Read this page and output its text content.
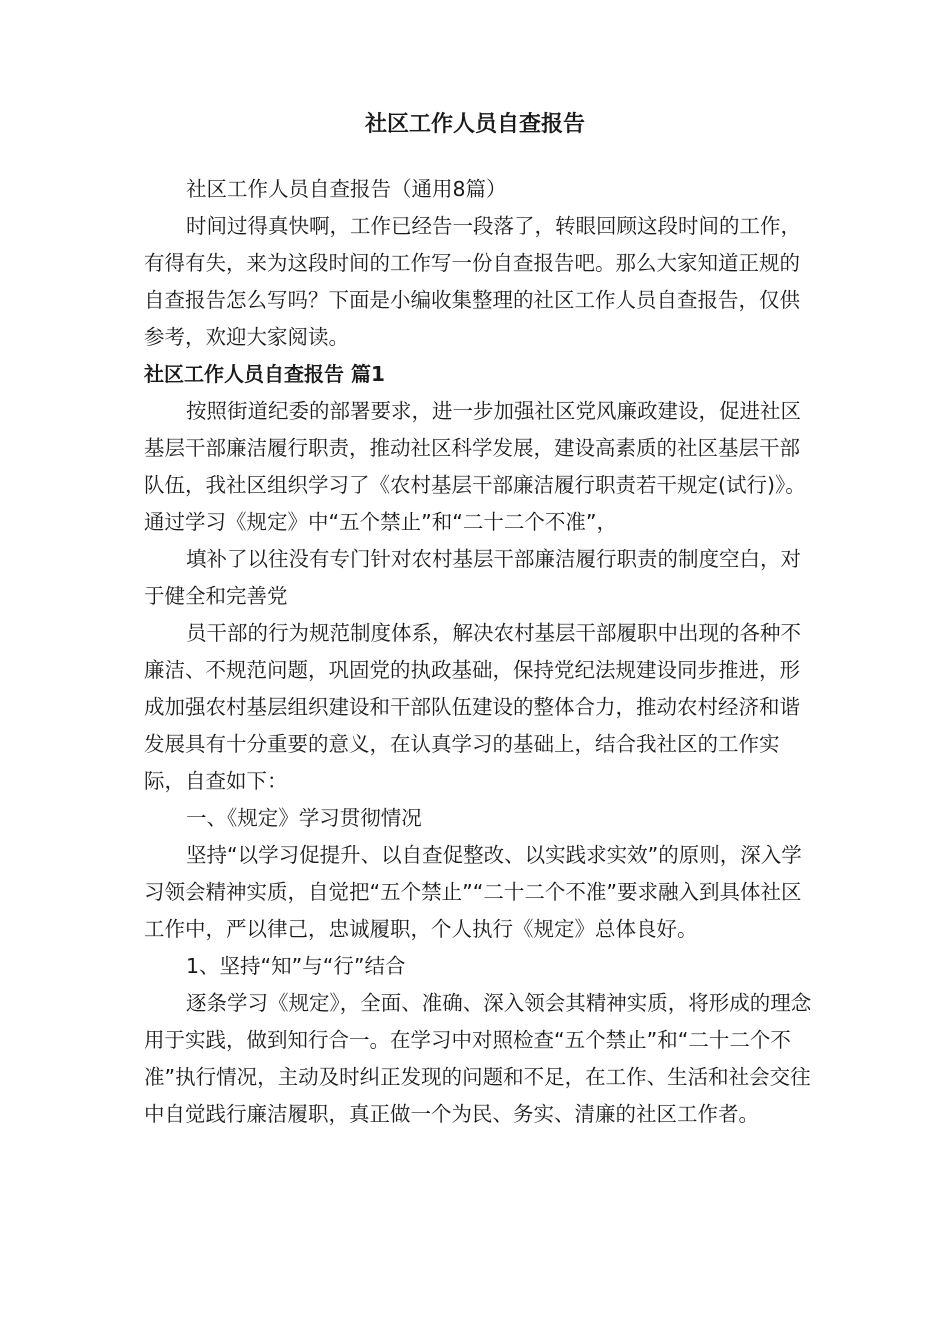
社区工作人员自查报告

社区工作人员自查报告（通用8篇）

时间过得真快啊，工作已经告一段落了，转眼回顾这段时间的工作，有得有失，来为这段时间的工作写一份自查报告吧。那么大家知道正规的自查报告怎么写吗？下面是小编收集整理的社区工作人员自查报告，仅供参考，欢迎大家阅读。

社区工作人员自查报告 篇1

按照街道纪委的部署要求，进一步加强社区党风廉政建设，促进社区基层干部廉洁履行职责，推动社区科学发展，建设高素质的社区基层干部队伍，我社区组织学习了《农村基层干部廉洁履行职责若干规定(试行)》。通过学习《规定》中“五个禁止”和“二十二个不准”，

填补了以往没有专门针对农村基层干部廉洁履行职责的制度空白，对于健全和完善党

员干部的行为规范制度体系，解决农村基层干部履职中出现的各种不廉洁、不规范问题，巩固党的执政基础，保持党纪法规建设同步推进，形成加强农村基层组织建设和干部队伍建设的整体合力，推动农村经济和谐发展具有十分重要的意义，在认真学习的基础上，结合我社区的工作实际，自查如下：

一、《规定》学习贯彻情况

坚持“以学习促提升、以自查促整改、以实践求实效”的原则，深入学习领会精神实质，自觉把“五个禁止”“二十二个不准”要求融入到具体社区工作中，严以律己，忠诚履职，个人执行《规定》总体良好。

1、坚持“知”与“行”结合

逐条学习《规定》，全面、准确、深入领会其精神实质，将形成的理念用于实践，做到知行合一。在学习中对照检查“五个禁止”和“二十二个不准”执行情况，主动及时纠正发现的问题和不足，在工作、生活和社会交往中自觉践行廉洁履职，真正做一个为民、务实、清廉的社区工作者。
